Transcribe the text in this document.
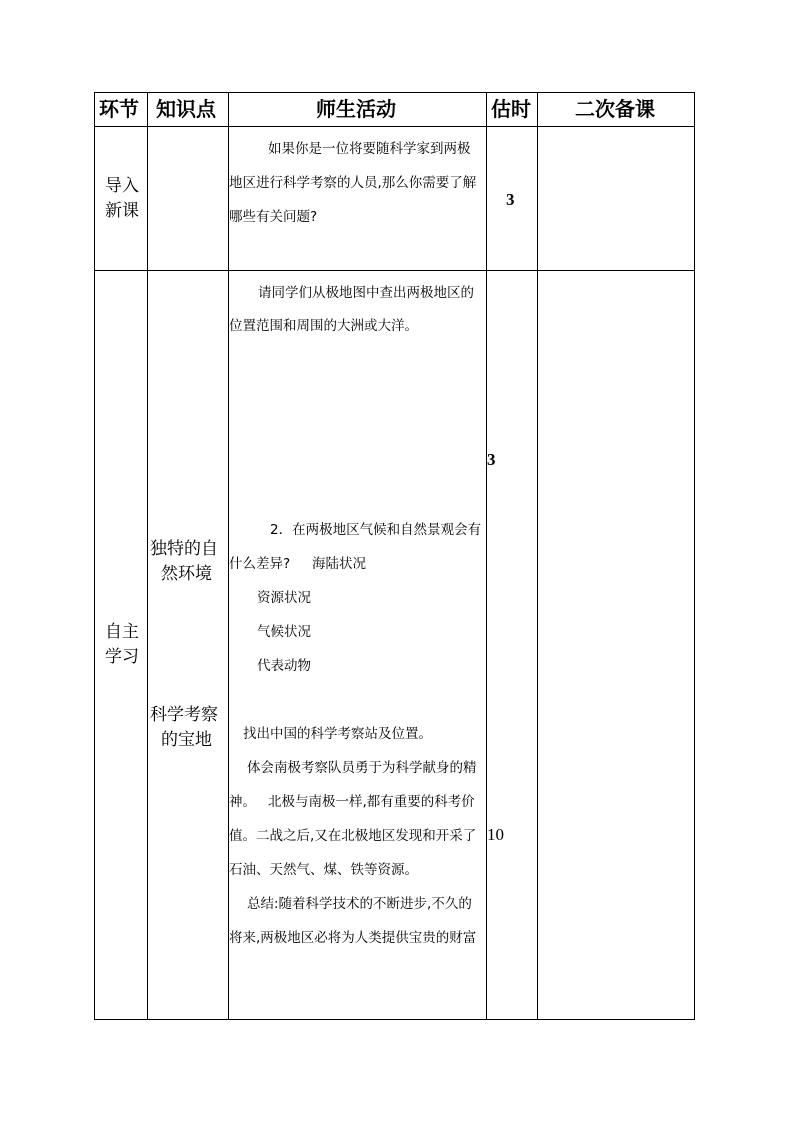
环节 知识点	师生活动	估时 二次备课
导入
新课
如果你是一位将要随科学家到两极
地区进行科学考察的人员,那么你需要了解
哪些有关问题?
3
自主
学习
独特的自
然环境
科学考察
的宝地
请同学们从极地图中查出两极地区的
位置范围和周围的大洲或大洋。
2．在两极地区气候和自然景观会有
什么差异? 海陆状况
资源状况
气候状况
代表动物
找出中国的科学考察站及位置。
体会南极考察队员勇于为科学献身的精
神。 北极与南极一样,都有重要的科考价
值。二战之后,又在北极地区发现和开采了
石油、天然气、煤、铁等资源。
总结:随着科学技术的不断进步,不久的
将来,两极地区必将为人类提供宝贵的财富
3
10
